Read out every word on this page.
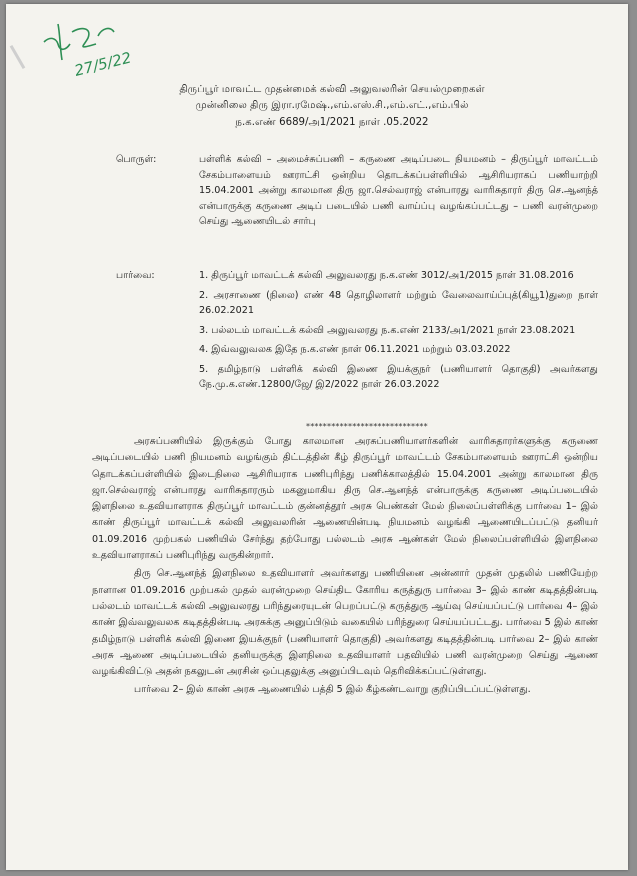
27/5/22
திருப்பூர் மாவட்ட முதன்மைக் கல்வி அலுவலரின் செயல்முறைகள்
முன்னிலை திரு இரா.ரமேஷ்.,எம்.எஸ்.சி.,எம்.எட்.,எம்.பில்
ந.க.எண் 6689/அ1/2021 நாள் .05.2022
பொருள்:	பள்ளிக் கல்வி – அமைச்சுப்பணி – கருணை அடிப்படை நியமனம் – திருப்பூர் மாவட்டம் சேகம்பாளையம் ஊராட்சி ஒன்றிய தொடக்கப்பள்ளியில் ஆசிரியராகப் பணியாற்றி 15.04.2001 அன்று காலமான திரு ஜா.செல்வராஜ் என்பாரது வாரிசுதாரர் திரு செ.ஆனந்த் என்பாருக்கு கருணை அடிப் படையில் பணி வாய்ப்பு வழங்கப்பட்டது – பணி வரன்முறை செய்து ஆணையிடல் சார்பு
பார்வை:	1. திருப்பூர் மாவட்டக் கல்வி அலுவலரது ந.க.எண் 3012/அ1/2015 நாள் 31.08.2016
2. அரசாணை (நிலை) எண் 48 தொழிலாளர் மற்றும் வேலைவாய்ப்புத்(கியூ1)துறை நாள் 26.02.2021
3. பல்லடம் மாவட்டக் கல்வி அலுவலரது ந.க.எண் 2133/அ1/2021 நாள் 23.08.2021
4. இவ்வலுவலக இதே ந.க.எண் நாள் 06.11.2021 மற்றும் 03.03.2022
5. தமிழ்நாடு பள்ளிக் கல்வி இணை இயக்குநர் (பணியாளர் தொகுதி) அவர்களது நே.மு.க.எண்.12800/ஜே/ இ2/2022 நாள் 26.03.2022
*****************************

அரசுப்பணியில் இருக்கும் போது காலமான அரசுப்பணியாளர்களின் வாரிசுதாரர்களுக்கு கருணை அடிப்படையில் பணி நியமனம் வழங்கும் திட்டத்தின் கீழ் திருப்பூர் மாவட்டம் சேகம்பாளையம் ஊராட்சி ஒன்றிய தொடக்கப்பள்ளியில் இடைநிலை ஆசிரியராக பணிபுரிந்து பணிக்காலத்தில் 15.04.2001 அன்று காலமான திரு ஜா.செல்வராஜ் என்பாரது வாரிசுதாரரும் மகனுமாகிய திரு செ.ஆனந்த் என்பாருக்கு கருணை அடிப்படையில் இளநிலை உதவியாளராக திருப்பூர் மாவட்டம் குன்னத்தூர் அரசு பெண்கள் மேல் நிலைப்பள்ளிக்கு பார்வை 1– இல் காண் திருப்பூர் மாவட்டக் கல்வி அலுவலரின் ஆணையின்படி நியமனம் வழங்கி ஆணையிடப்பட்டு தனியர் 01.09.2016 முற்பகல் பணியில் சேர்ந்து தற்போது பல்லடம் அரசு ஆண்கள் மேல் நிலைப்பள்ளியில் இளநிலை உதவியாளராகப் பணிபுரிந்து வருகின்றார்.

திரு செ.ஆனந்த் இளநிலை உதவியாளர் அவர்களது பணியினை அன்னார் முதன் முதலில் பணியேற்ற நாளான 01.09.2016 முற்பகல் முதல் வரன்முறை செய்திட கோரிய கருத்துரு பார்வை 3– இல் காண் கடிதத்தின்படி பல்லடம் மாவட்டக் கல்வி அலுவலரது பரிந்துரையுடன் பெறப்பட்டு கருத்துரு ஆய்வு செய்யப்பட்டு பார்வை 4– இல் காண் இவ்வலுவலக கடிதத்தின்படி அரசுக்கு அனுப்பிடும் வகையில் பரிந்துரை செய்யப்பட்டது. பார்வை 5 இல் காண் தமிழ்நாடு பள்ளிக் கல்வி இணை இயக்குநர் (பணியாளர் தொகுதி) அவர்களது கடிதத்தின்படி பார்வை 2– இல் காண் அரசு ஆணை அடிப்படையில் தனியருக்கு இளநிலை உதவியாளர் பதவியில் பணி வரன்முறை செய்து ஆணை வழங்கிவிட்டு அதன் நகலுடன் அரசின் ஒப்புதலுக்கு அனுப்பிடவும் தெரிவிக்கப்பட்டுள்ளது.

பார்வை 2– இல் காண் அரசு ஆணையில் பத்தி 5 இல் கீழ்கண்டவாறு குறிப்பிடப்பட்டுள்ளது.
